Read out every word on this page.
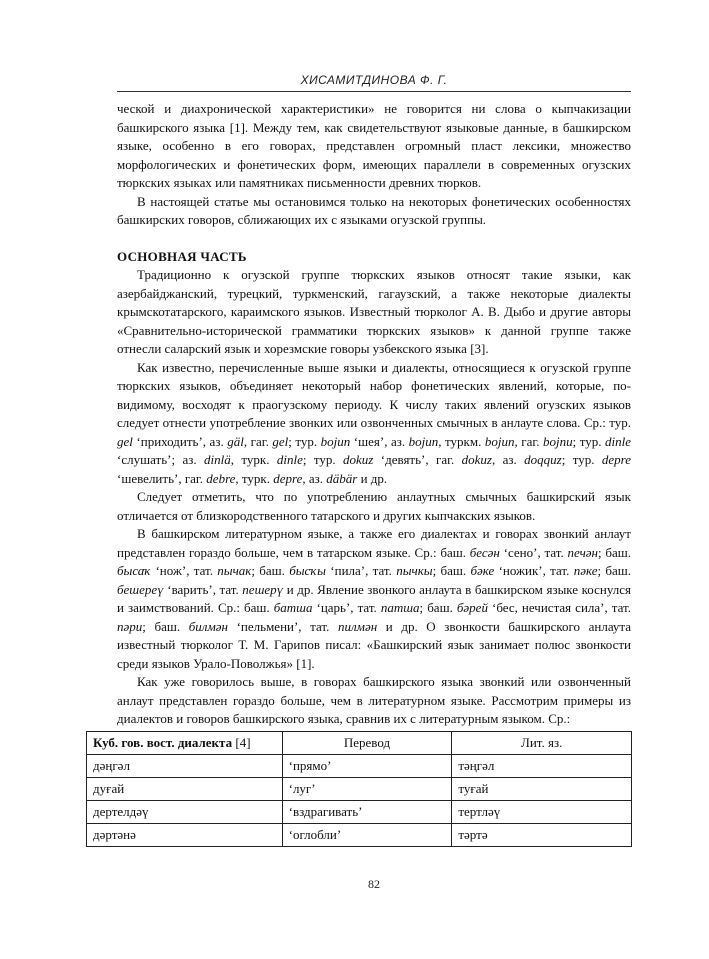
ХИСАМИТДИНОВА Ф. Г.

ческой и диахронической характеристики» не говорится ни слова о кыпчакизации башкирского языка [1]. Между тем, как свидетельствуют языковые данные, в башкирском языке, особенно в его говорах, представлен огромный пласт лексики, множество морфологических и фонетических форм, имеющих параллели в современных огузских тюркских языках или памятниках письменности древних тюрков.

В настоящей статье мы остановимся только на некоторых фонетических особенностях башкирских говоров, сближающих их с языками огузской группы.

ОСНОВНАЯ ЧАСТЬ

Традиционно к огузской группе тюркских языков относят такие языки, как азербайджанский, турецкий, туркменский, гагаузский, а также некоторые диалекты крымскотатарского, караимского языков. Известный тюрколог А. В. Дыбо и другие авторы «Сравнительно-исторической грамматики тюркских языков» к данной группе также отнесли саларский язык и хорезмские говоры узбекского языка [3].

Как известно, перечисленные выше языки и диалекты, относящиеся к огузской группе тюркских языков, объединяет некоторый набор фонетических явлений, которые, по-видимому, восходят к праогузскому периоду. К числу таких явлений огузских языков следует отнести употребление звонких или озвонченных смычных в анлауте слова. Ср.: тур. gel ‘приходить’, аз. gäl, гаг. gel; тур. bojun ‘шея’, аз. bojun, туркм. bojun, гаг. bojnu; тур. dinle ‘слушать’; аз. dinlä, турк. dinle; тур. dokuz ‘девять’, гаг. dokuz, аз. doqquz; тур. depre ‘шевелить’, гаг. debre, турк. depre, аз. däbär и др.

Следует отметить, что по употреблению анлаутных смычных башкирский язык отличается от близкородственного татарского и других кыпчакских языков.

В башкирском литературном языке, а также его диалектах и говорах звонкий анлаут представлен гораздо больше, чем в татарском языке. Ср.: баш. бесән ‘сено’, тат. печән; баш. бысаҡ ‘нож’, тат. пычак; баш. бысҡы ‘пила’, тат. пычкы; баш. бәке ‘ножик’, тат. пәке; баш. бешереү ‘варить’, тат. пешерү и др. Явление звонкого анлаута в башкирском языке коснулся и заимствований. Ср.: баш. батша ‘царь’, тат. патша; баш. бәрей ‘бес, нечистая сила’, тат. пәри; баш. билмән ‘пельмени’, тат. пилмән и др. О звонкости башкирского анлаута известный тюрколог Т. М. Гарипов писал: «Башкирский язык занимает полюс звонкости среди языков Урало-Поволжья» [1].

Как уже говорилось выше, в говорах башкирского языка звонкий или озвонченный анлаут представлен гораздо больше, чем в литературном языке. Рассмотрим примеры из диалектов и говоров башкирского языка, сравнив их с литературным языком. Ср.:

Куб. гов. вост. диалекта [4]	Перевод	Лит. яз.
дәңгәл	‘прямо’	тәңгәл
дуғай	‘луг’	туғай
дертелдәү	‘вздрагивать’	тертләү
дәртәнә	‘оглобли’	тәртә
82
